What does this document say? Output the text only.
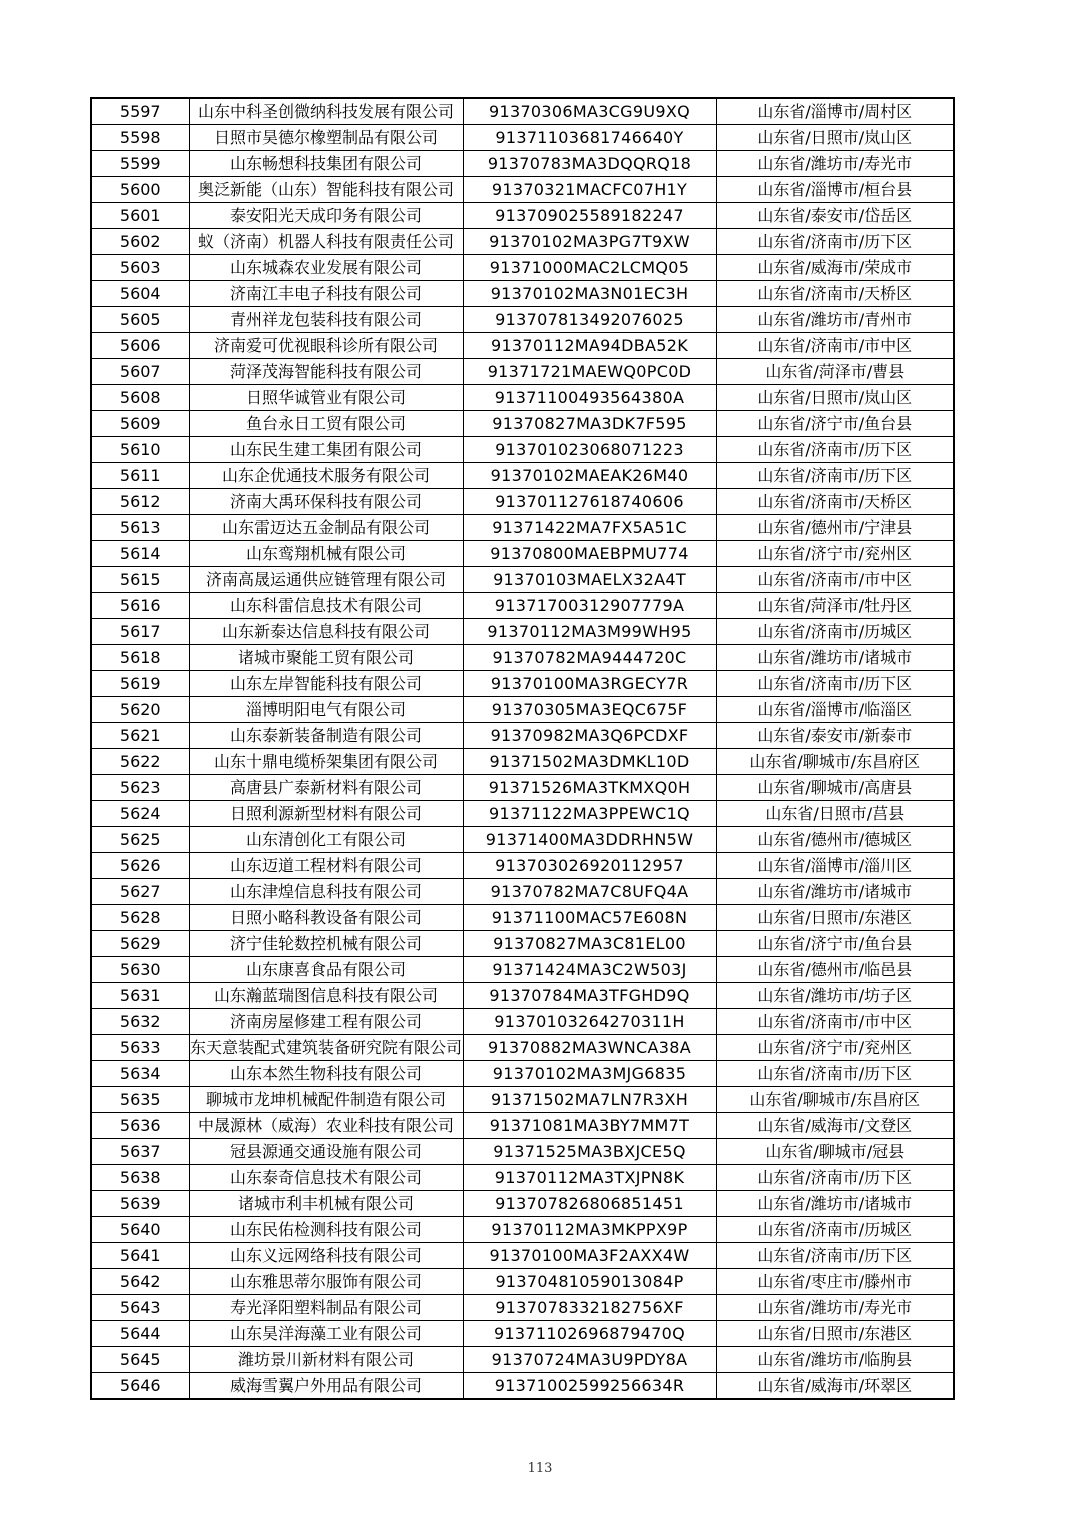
5597	山东中科圣创微纳科技发展有限公司	91370306MA3CG9U9XQ	山东省/淄博市/周村区
5598	日照市昊德尔橡塑制品有限公司	91371103681746640Y	山东省/日照市/岚山区
5599	山东畅想科技集团有限公司	91370783MA3DQQRQ18	山东省/潍坊市/寿光市
5600	奥泛新能（山东）智能科技有限公司	91370321MACFC07H1Y	山东省/淄博市/桓台县
5601	泰安阳光天成印务有限公司	91370902558918224​7	山东省/泰安市/岱岳区
5602	蚁（济南）机器人科技有限责任公司	91370102MA3PG7T9XW	山东省/济南市/历下区
5603	山东城森农业发展有限公司	91371000MAC2LCMQ05	山东省/威海市/荣成市
5604	济南江丰电子科技有限公司	91370102MA3N01EC3H	山东省/济南市/天桥区
5605	青州祥龙包装科技有限公司	913707813492076025	山东省/潍坊市/青州市
5606	济南爱可优视眼科诊所有限公司	91370112MA94DBA52K	山东省/济南市/市中区
5607	菏泽茂海智能科技有限公司	91371721MAEWQ0PC0D	山东省/菏泽市/曹县
5608	日照华诚管业有限公司	91371100493564380A	山东省/日照市/岚山区
5609	鱼台永日工贸有限公司	91370827MA3DK7F595	山东省/济宁市/鱼台县
5610	山东民生建工集团有限公司	913701023068071223	山东省/济南市/历下区
5611	山东企优通技术服务有限公司	91370102MAEAK26M40	山东省/济南市/历下区
5612	济南大禹环保科技有限公司	913701127618740606	山东省/济南市/天桥区
5613	山东雷迈达五金制品有限公司	91371422MA7FX5A51C	山东省/德州市/宁津县
5614	山东鸾翔机械有限公司	91370800MAEBPMU774	山东省/济宁市/兖州区
5615	济南高晟运通供应链管理有限公司	91370103MAELX32A4T	山东省/济南市/市中区
5616	山东科雷信息技术有限公司	91371700312907779A	山东省/菏泽市/牡丹区
5617	山东新泰达信息科技有限公司	91370112MA3M99WH95	山东省/济南市/历城区
5618	诸城市聚能工贸有限公司	91370782MA9444720C	山东省/潍坊市/诸城市
5619	山东左岸智能科技有限公司	91370100MA3RGECY7R	山东省/济南市/历下区
5620	淄博明阳电气有限公司	91370305MA3EQC675F	山东省/淄博市/临淄区
5621	山东泰新装备制造有限公司	91370982MA3Q6PCDXF	山东省/泰安市/新泰市
5622	山东十鼎电缆桥架集团有限公司	91371502MA3DMKL10D	山东省/聊城市/东昌府区
5623	高唐县广泰新材料有限公司	91371526MA3TKMXQ0H	山东省/聊城市/高唐县
5624	日照利源新型材料有限公司	91371122MA3PPEWC1Q	山东省/日照市/莒县
5625	山东清创化工有限公司	91371400MA3DDRHN5W	山东省/德州市/德城区
5626	山东迈道工程材料有限公司	913703026920112957	山东省/淄博市/淄川区
5627	山东津煌信息科技有限公司	91370782MA7C8UFQ4A	山东省/潍坊市/诸城市
5628	日照小略科教设备有限公司	91371100MAC57E608N	山东省/日照市/东港区
5629	济宁佳轮数控机械有限公司	91370827MA3C81EL00	山东省/济宁市/鱼台县
5630	山东康喜食品有限公司	91371424MA3C2W503J	山东省/德州市/临邑县
5631	山东瀚蓝瑞图信息科技有限公司	91370784MA3TFGHD9Q	山东省/潍坊市/坊子区
5632	济南房屋修建工程有限公司	913701032642703​11H	山东省/济南市/市中区
5633	东天意装配式建筑装备研究院有限公司	91370882MA3WNCA38A	山东省/济宁市/兖州区
5634	山东本然生物科技有限公司	91370102MA3MJG6835	山东省/济南市/历下区
5635	聊城市龙坤机械配件制造有限公司	91371502MA7LN7R3XH	山东省/聊城市/东昌府区
5636	中晟源林（威海）农业科技有限公司	91371081MA3BY7MM7T	山东省/威海市/文登区
5637	冠县源通交通设施有限公司	91371525MA3BXJCE5Q	山东省/聊城市/冠县
5638	山东泰奇信息技术有限公司	91370112MA3TXJPN8K	山东省/济南市/历下区
5639	诸城市利丰机械有限公司	913707826806851451	山东省/潍坊市/诸城市
5640	山东民佑检测科技有限公司	91370112MA3MKPPX9P	山东省/济南市/历城区
5641	山东义远网络科技有限公司	91370100MA3F2AXX4W	山东省/济南市/历下区
5642	山东雅思蒂尔服饰有限公司	91370481059013084P	山东省/枣庄市/滕州市
5643	寿光泽阳塑料制品有限公司	91370783321827​56XF	山东省/潍坊市/寿光市
5644	山东昊洋海藻工业有限公司	91371102696879470Q	山东省/日照市/东港区
5645	潍坊景川新材料有限公司	91370724MA3U9PDY8A	山东省/潍坊市/临朐县
5646	威海雪翼户外用品有限公司	91371002599256634R	山东省/威海市/环翠区
113
